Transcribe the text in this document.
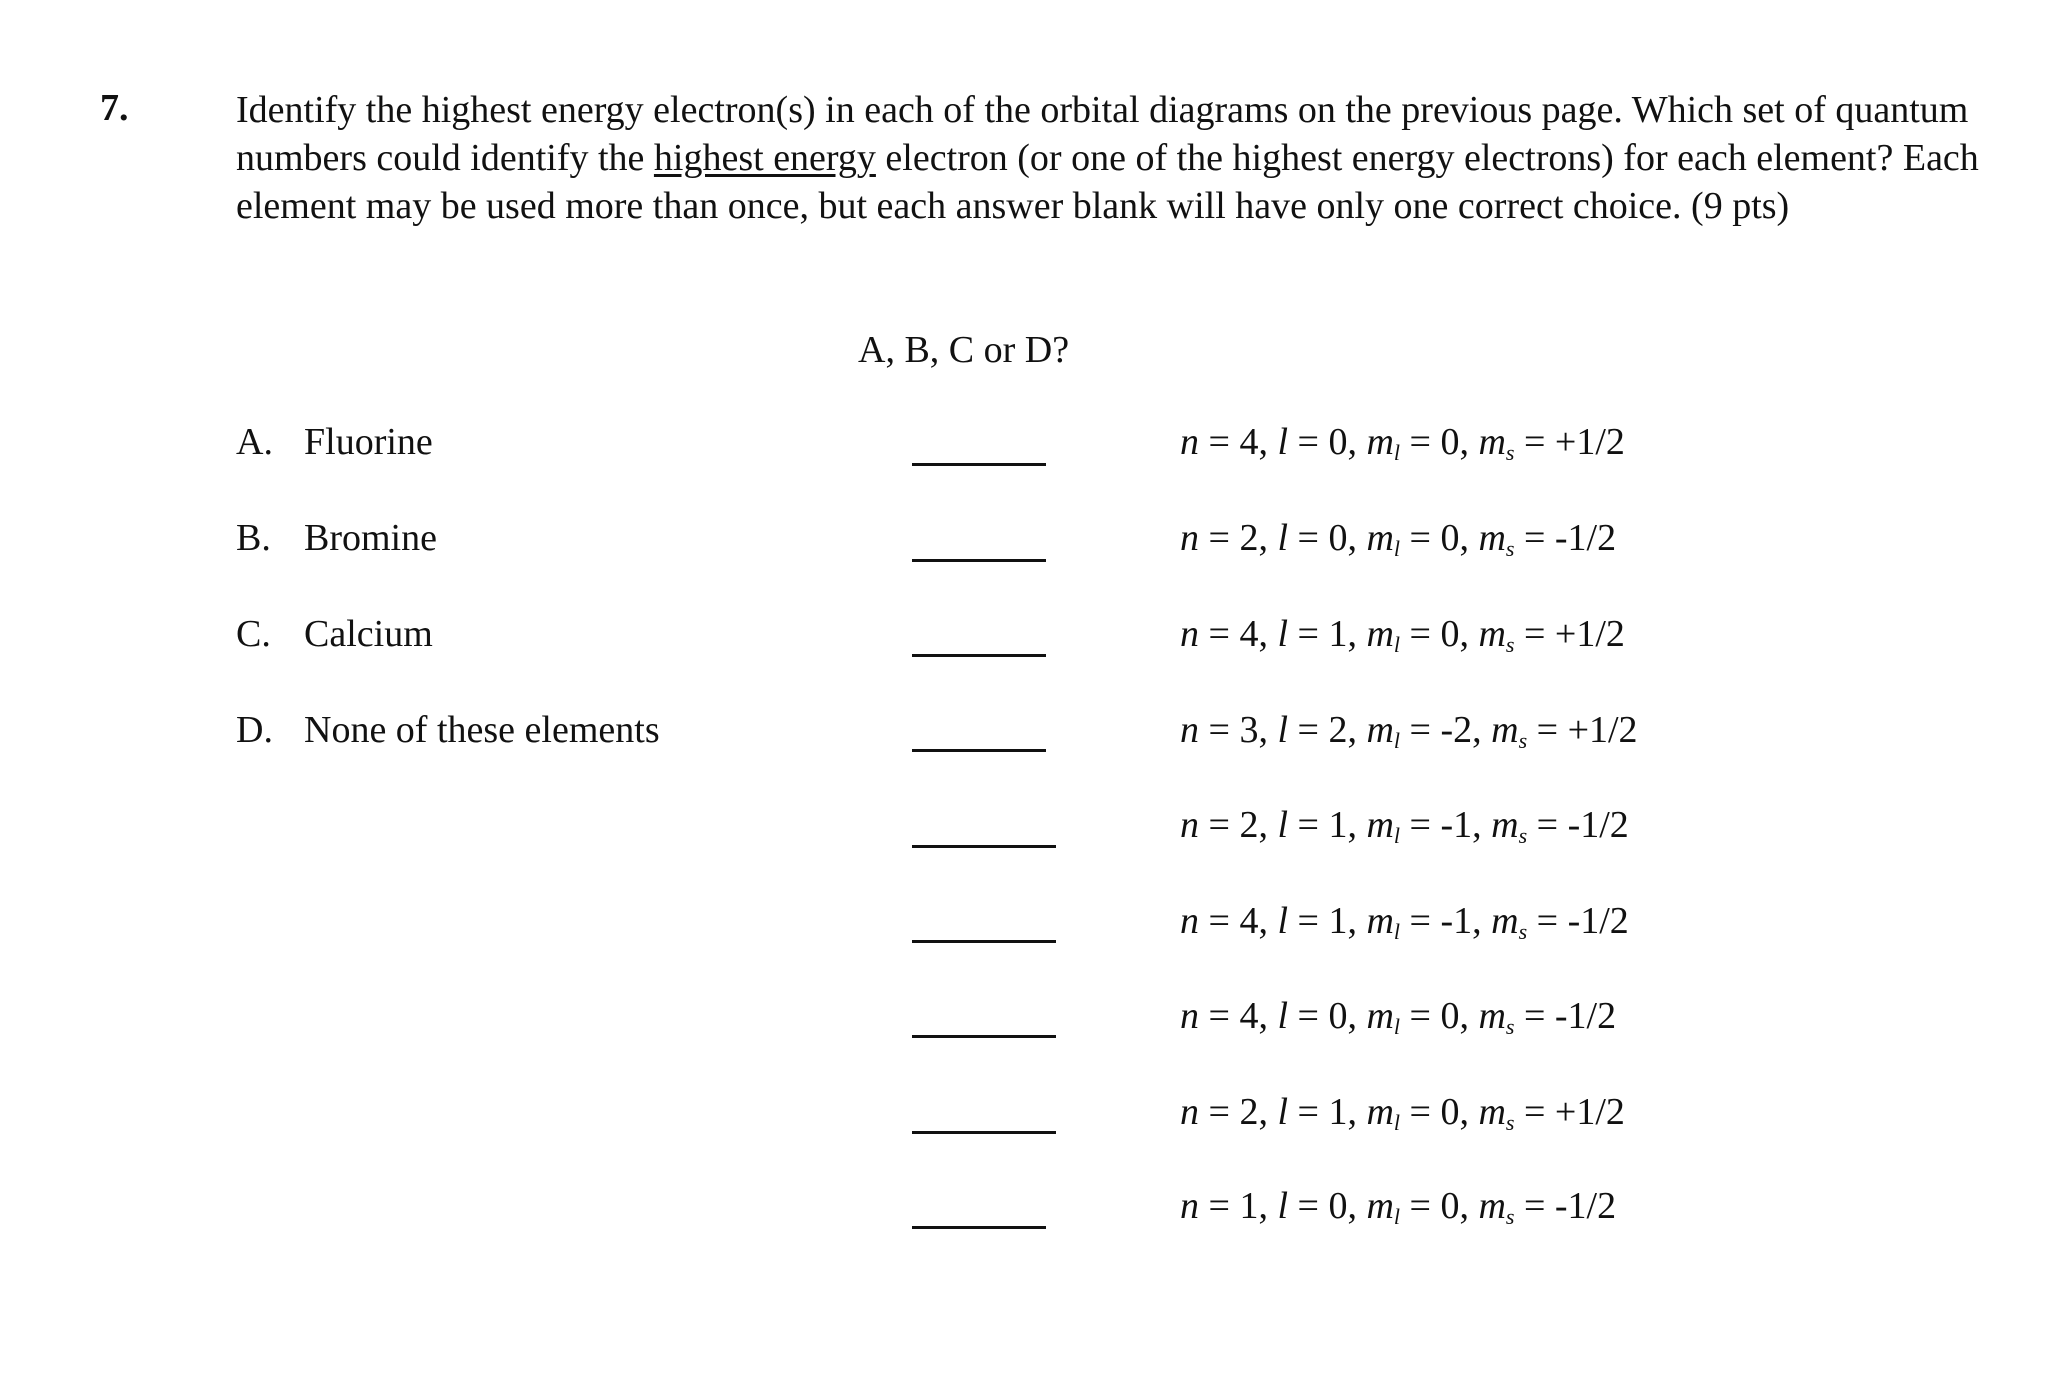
7.	Identify the highest energy electron(s) in each of the orbital diagrams on the previous page. Which set of quantum numbers could identify the highest energy electron (or one of the highest energy electrons) for each element? Each element may be used more than once, but each answer blank will have only one correct choice. (9 pts)
A, B, C or D?
A. Fluorine
B. Bromine
C. Calcium
D. None of these elements
n = 4, l = 0, $m_l = 0$, $m_s = +1/2$
n = 2, l = 0, $m_l = 0$, $m_s = -1/2$
n = 4, l = 1, $m_l = 0$, $m_s = +1/2$
n = 3, l = 2, $m_l = -2$, $m_s = +1/2$
n = 2, l = 1, $m_l = -1$, $m_s = -1/2$
n = 4, l = 1, $m_l = -1$, $m_s = -1/2$
n = 4, l = 0, $m_l = 0$, $m_s = -1/2$
n = 2, l = 1, $m_l = 0$, $m_s = +1/2$
n = 1, l = 0, $m_l = 0$, $m_s = -1/2$
